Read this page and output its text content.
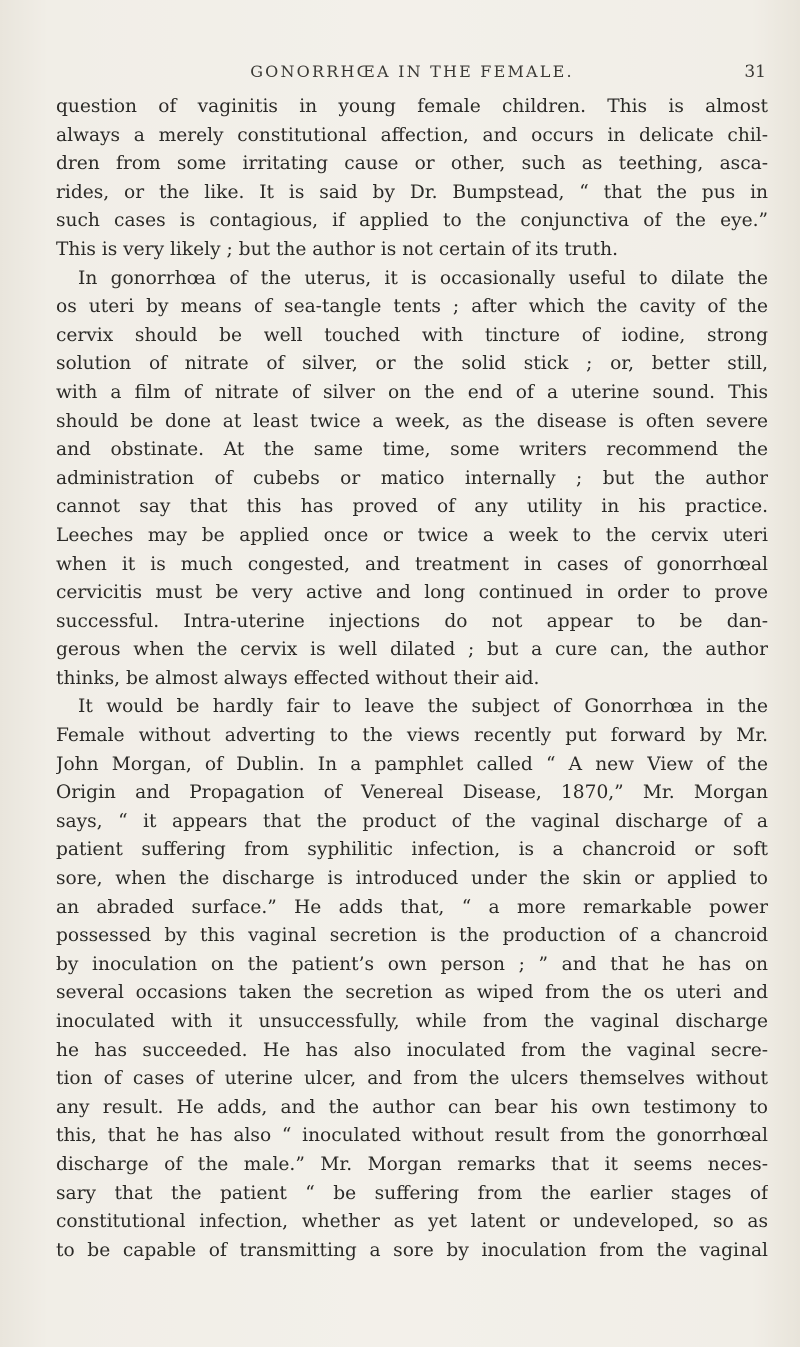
GONORRHŒA IN THE FEMALE.	31
question of vaginitis in young female children. This is almost
always a merely constitutional affection, and occurs in delicate chil-
dren from some irritating cause or other, such as teething, asca-
rides, or the like. It is said by Dr. Bumpstead, “ that the pus in
such cases is contagious, if applied to the conjunctiva of the eye.”
This is very likely ; but the author is not certain of its truth.
In gonorrhœa of the uterus, it is occasionally useful to dilate the
os uteri by means of sea-tangle tents ; after which the cavity of the
cervix should be well touched with tincture of iodine, strong
solution of nitrate of silver, or the solid stick ; or, better still,
with a film of nitrate of silver on the end of a uterine sound. This
should be done at least twice a week, as the disease is often severe
and obstinate. At the same time, some writers recommend the
administration of cubebs or matico internally ; but the author
cannot say that this has proved of any utility in his practice.
Leeches may be applied once or twice a week to the cervix uteri
when it is much congested, and treatment in cases of gonorrhœal
cervicitis must be very active and long continued in order to prove
successful. Intra-uterine injections do not appear to be dan-
gerous when the cervix is well dilated ; but a cure can, the author
thinks, be almost always effected without their aid.
It would be hardly fair to leave the subject of Gonorrhœa in the
Female without adverting to the views recently put forward by Mr.
John Morgan, of Dublin. In a pamphlet called “ A new View of the
Origin and Propagation of Venereal Disease, 1870,” Mr. Morgan
says, “ it appears that the product of the vaginal discharge of a
patient suffering from syphilitic infection, is a chancroid or soft
sore, when the discharge is introduced under the skin or applied to
an abraded surface.” He adds that, “ a more remarkable power
possessed by this vaginal secretion is the production of a chancroid
by inoculation on the patient’s own person ; ” and that he has on
several occasions taken the secretion as wiped from the os uteri and
inoculated with it unsuccessfully, while from the vaginal discharge
he has succeeded. He has also inoculated from the vaginal secre-
tion of cases of uterine ulcer, and from the ulcers themselves without
any result. He adds, and the author can bear his own testimony to
this, that he has also “ inoculated without result from the gonorrhœal
discharge of the male.” Mr. Morgan remarks that it seems neces-
sary that the patient “ be suffering from the earlier stages of
constitutional infection, whether as yet latent or undeveloped, so as
to be capable of transmitting a sore by inoculation from the vaginal
